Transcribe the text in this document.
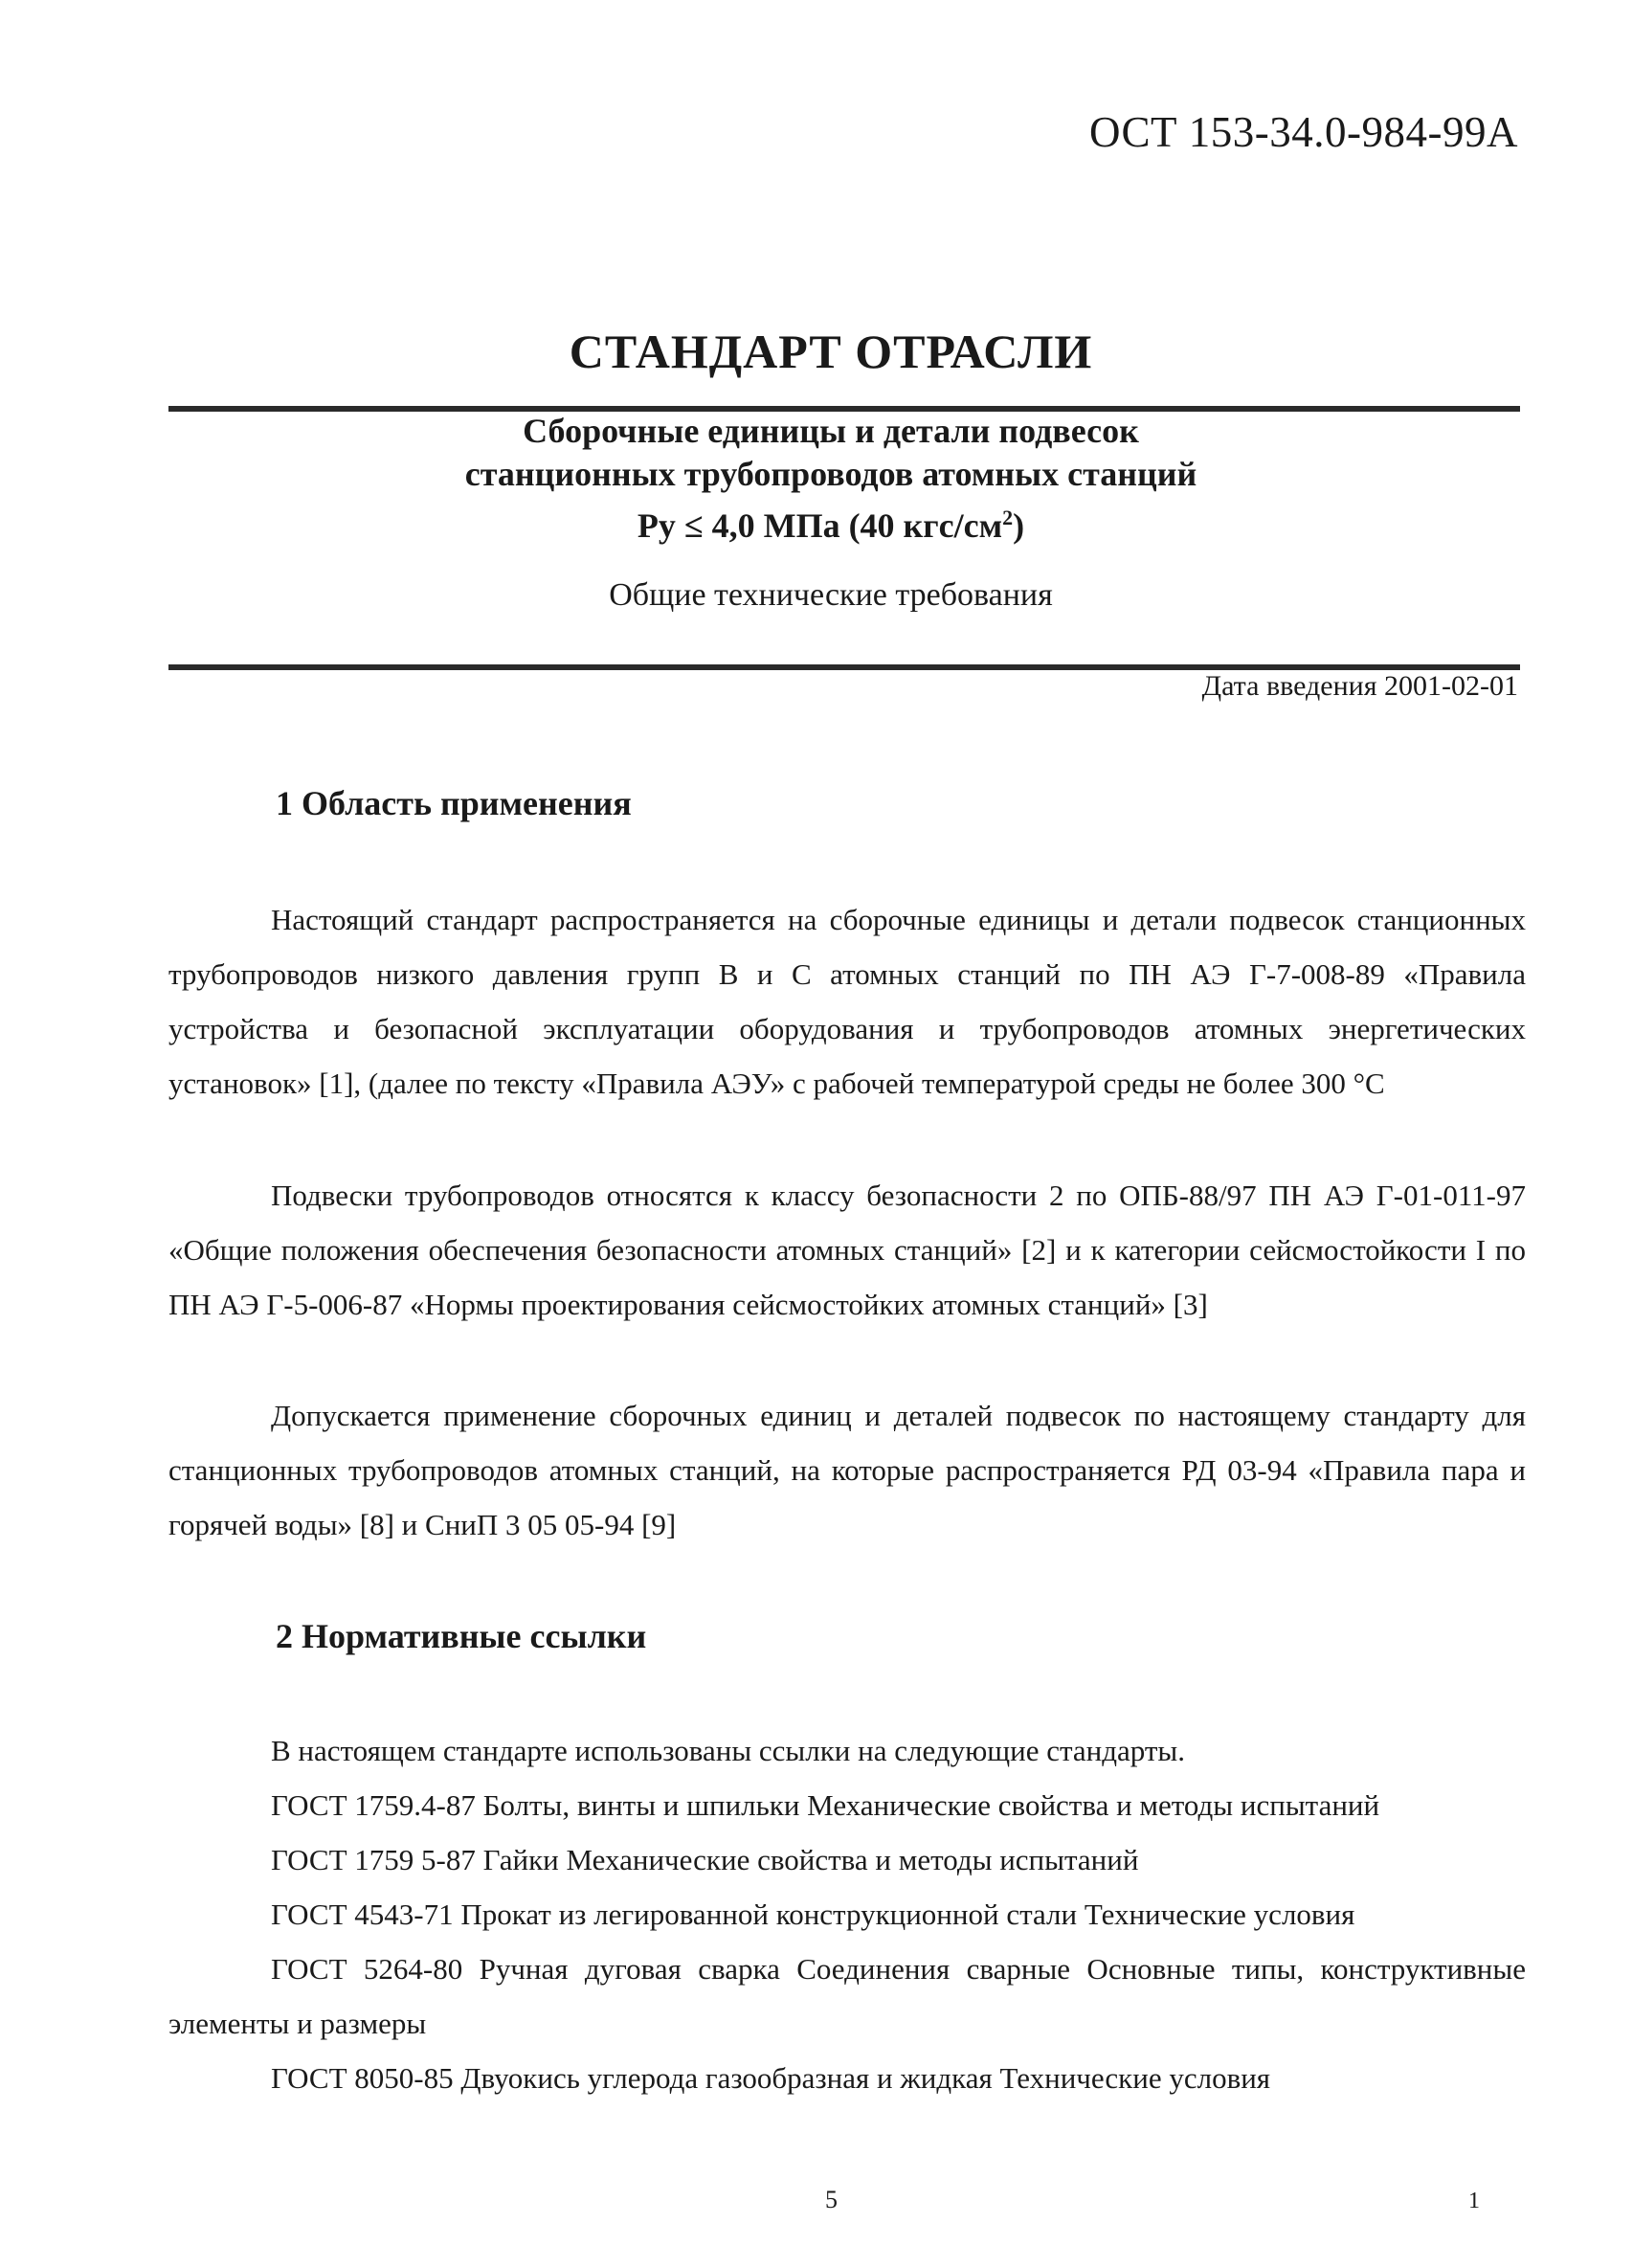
ОСТ 153-34.0-984-99А
СТАНДАРТ ОТРАСЛИ
Сборочные единицы и детали подвесок
станционных трубопроводов атомных станций
Ру ≤ 4,0 МПа (40 кгс/$см^2$)
Общие технические требования
Дата введения 2001-02-01
1 Область применения
Настоящий стандарт распространяется на сборочные единицы и детали подвесок станционных трубопроводов низкого давления групп В и С атомных станций по ПН АЭ Г-7-008-89 «Правила устройства и безопасной эксплуатации оборудования и трубопроводов атомных энергетических установок» [1], (далее по тексту «Правила АЭУ» с рабочей температурой среды не более 300 °С
Подвески трубопроводов относятся к классу безопасности 2 по ОПБ-88/97 ПН АЭ Г-01-011-97 «Общие положения обеспечения безопасности атомных станций» [2] и к категории сейсмостойкости I по ПН АЭ Г-5-006-87 «Нормы проектирования сейсмостойких атомных станций» [3]
Допускается применение сборочных единиц и деталей подвесок по настоящему стандарту для станционных трубопроводов атомных станций, на которые распространяется РД 03-94 «Правила пара и горячей воды» [8] и СниП 3 05 05-94 [9]
2 Нормативные ссылки
В настоящем стандарте использованы ссылки на следующие стандарты.
ГОСТ 1759.4-87 Болты, винты и шпильки Механические свойства и методы испытаний
ГОСТ 1759 5-87 Гайки Механические свойства и методы испытаний
ГОСТ 4543-71 Прокат из легированной конструкционной стали Технические условия
ГОСТ 5264-80 Ручная дуговая сварка Соединения сварные Основные типы, конструктивные элементы и размеры
ГОСТ 8050-85 Двуокись углерода газообразная и жидкая Технические условия
5	1
